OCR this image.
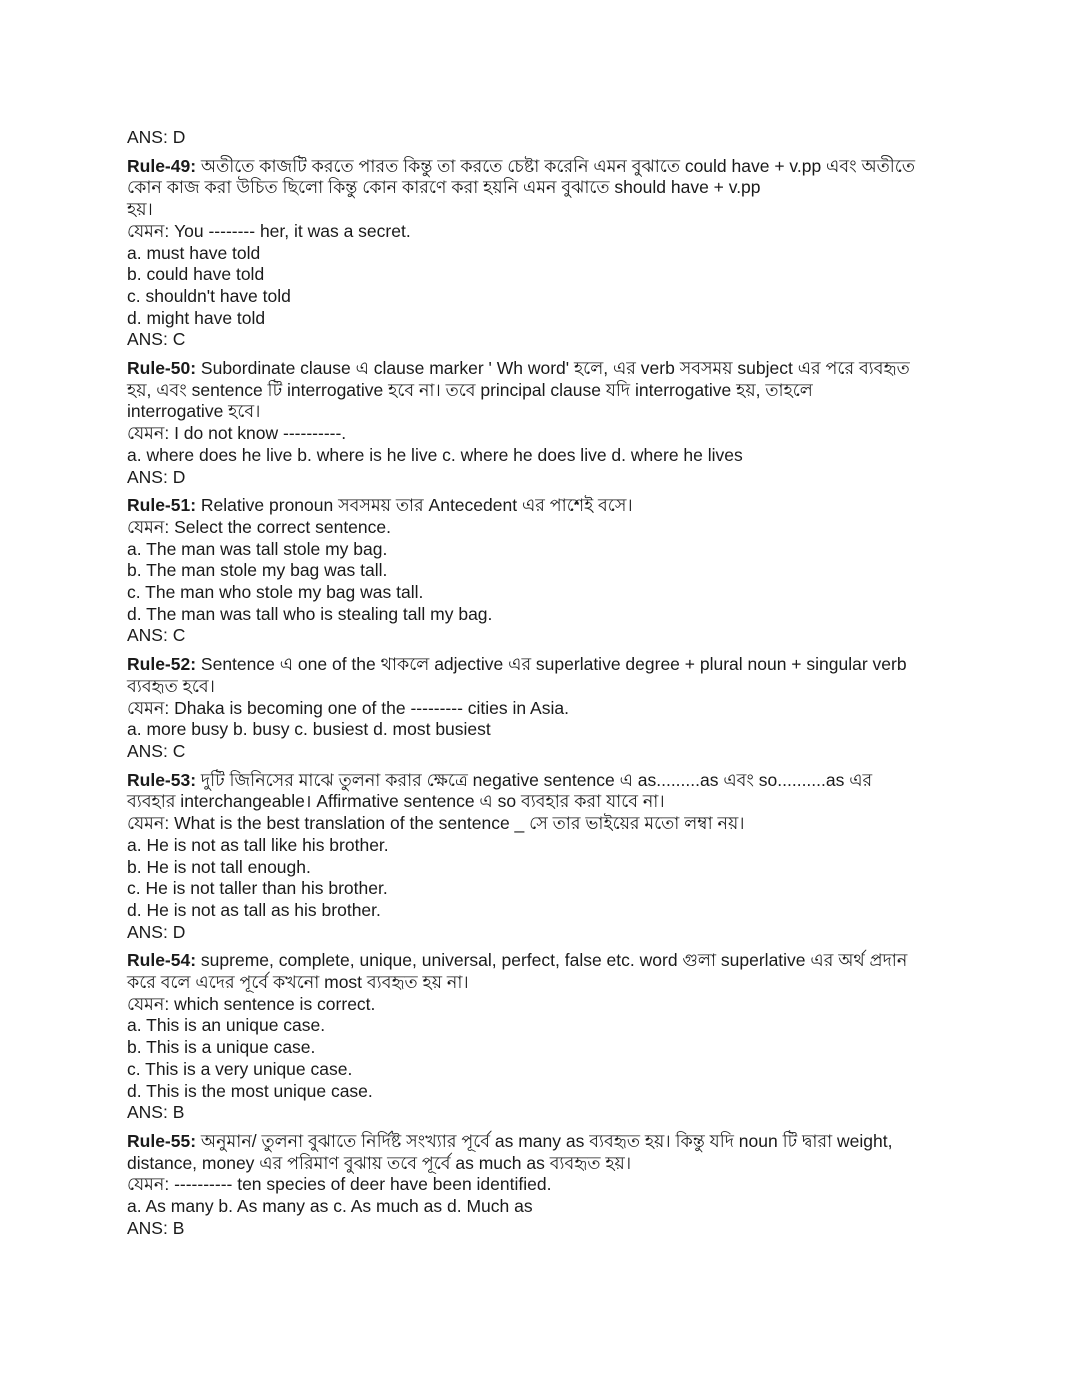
ANS: D
Rule-49: অতীতে কাজটি করতে পারত কিন্তু তা করতে চেষ্টা করেনি এমন বুঝাতে could have + v.pp এবং অতীতে
কোন কাজ করা উচিত ছিলো কিন্তু কোন কারণে করা হয়নি এমন বুঝাতে should have + v.pp
হয়।
যেমন: You -------- her, it was a secret.
a. must have told
b. could have told
c. shouldn't have told
d. might have told
ANS: C
Rule-50: Subordinate clause এ clause marker ' Wh word' হলে, এর verb সবসময় subject এর পরে ব্যবহৃত
হয়, এবং sentence টি interrogative হবে না। তবে principal clause যদি interrogative হয়, তাহলে
interrogative হবে।
যেমন: I do not know ----------.
a. where does he live b. where is he live c. where he does live d. where he lives
ANS: D
Rule-51: Relative pronoun সবসময় তার Antecedent এর পাশেই বসে।
যেমন: Select the correct sentence.
a. The man was tall stole my bag.
b. The man stole my bag was tall.
c. The man who stole my bag was tall.
d. The man was tall who is stealing tall my bag.
ANS: C
Rule-52: Sentence এ one of the থাকলে adjective এর superlative degree + plural noun + singular verb
ব্যবহৃত হবে।
যেমন: Dhaka is becoming one of the --------- cities in Asia.
a. more busy b. busy c. busiest d. most busiest
ANS: C
Rule-53: দুটি জিনিসের মাঝে তুলনা করার ক্ষেত্রে negative sentence এ as.........as এবং so..........as এর
ব্যবহার interchangeable। Affirmative sentence এ so ব্যবহার করা যাবে না।
যেমন: What is the best translation of the sentence _ সে তার ভাইয়ের মতো লম্বা নয়।
a. He is not as tall like his brother.
b. He is not tall enough.
c. He is not taller than his brother.
d. He is not as tall as his brother.
ANS: D
Rule-54: supreme, complete, unique, universal, perfect, false etc. word গুলা superlative এর অর্থ প্রদান
করে বলে এদের পূর্বে কখনো most ব্যবহৃত হয় না।
যেমন: which sentence is correct.
a. This is an unique case.
b. This is a unique case.
c. This is a very unique case.
d. This is the most unique case.
ANS: B
Rule-55: অনুমান/ তুলনা বুঝাতে নির্দিষ্ট সংখ্যার পূর্বে as many as ব্যবহৃত হয়। কিন্তু যদি noun টি দ্বারা weight,
distance, money এর পরিমাণ বুঝায় তবে পূর্বে as much as ব্যবহৃত হয়।
যেমন: ---------- ten species of deer have been identified.
a. As many b. As many as c. As much as d. Much as
ANS: B
